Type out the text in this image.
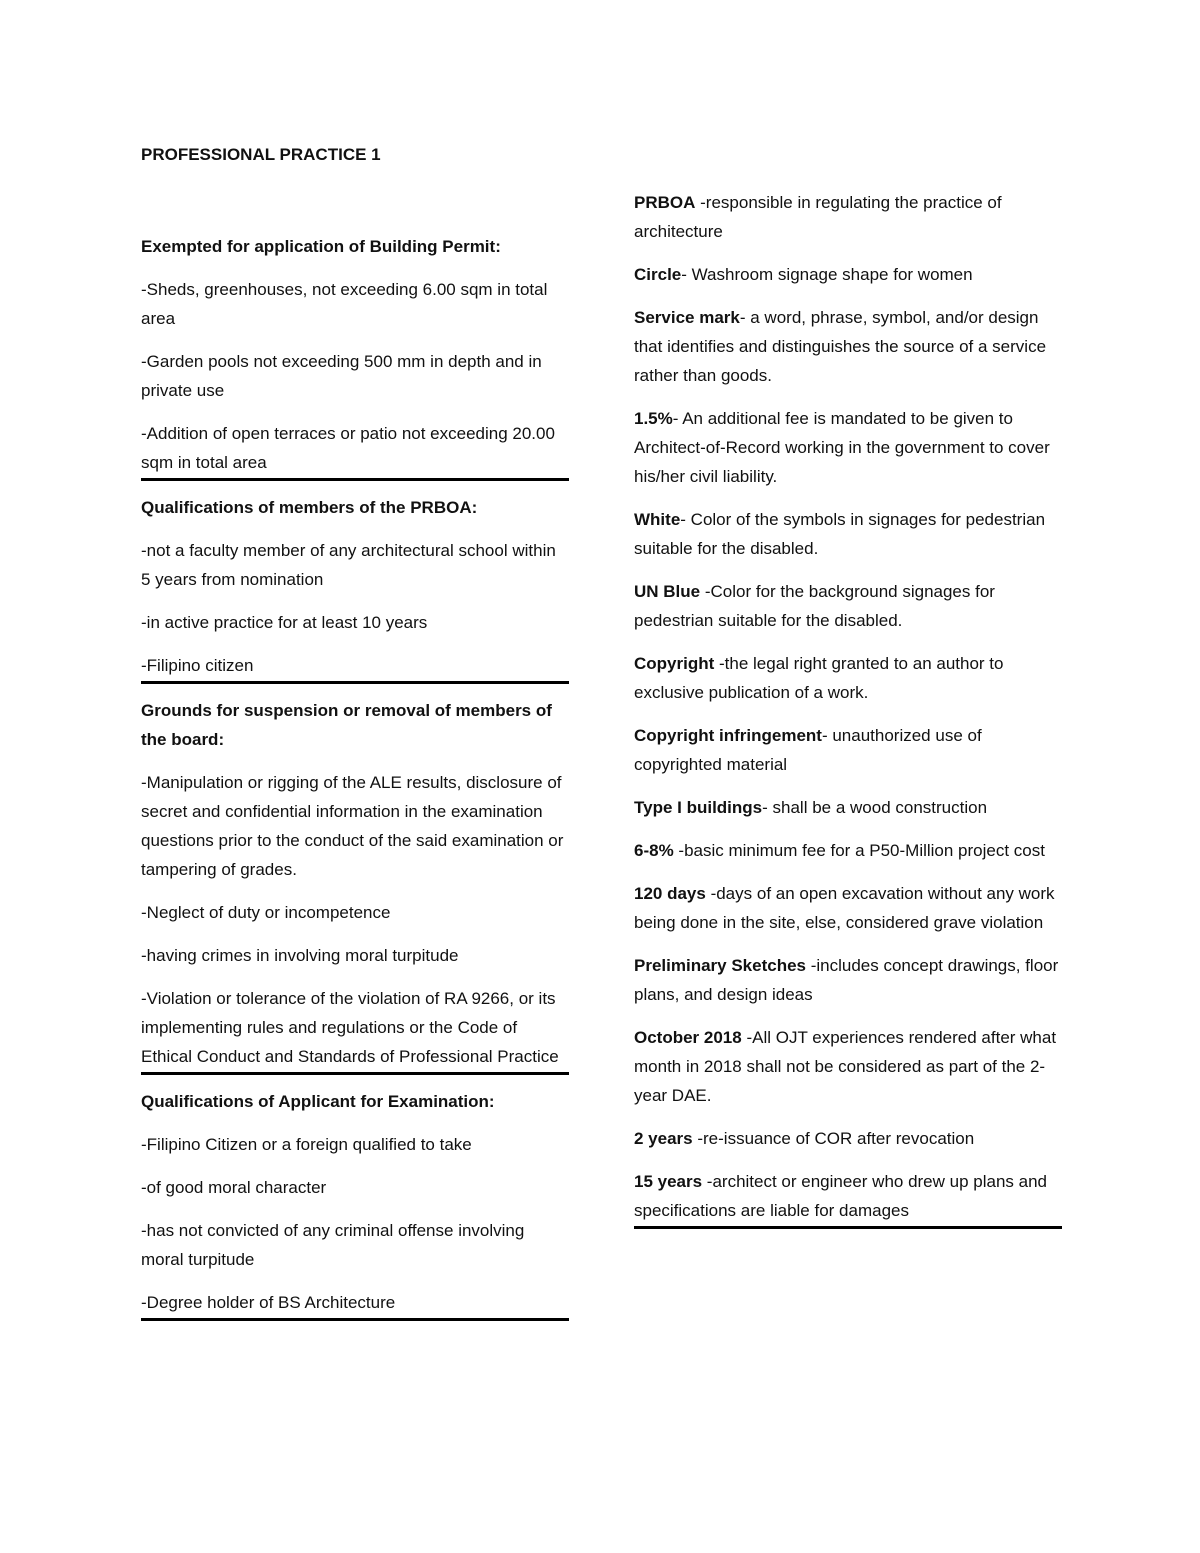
PROFESSIONAL PRACTICE 1

Exempted for application of Building Permit:

-Sheds, greenhouses, not exceeding 6.00 sqm in total area

-Garden pools not exceeding 500 mm in depth and in private use

-Addition of open terraces or patio not exceeding 20.00 sqm in total area

Qualifications of members of the PRBOA:

-not a faculty member of any architectural school within 5 years from nomination

-in active practice for at least 10 years

-Filipino citizen

Grounds for suspension or removal of members of the board:

-Manipulation or rigging of the ALE results, disclosure of secret and confidential information in the examination questions prior to the conduct of the said examination or tampering of grades.

-Neglect of duty or incompetence

-having crimes in involving moral turpitude

-Violation or tolerance of the violation of RA 9266, or its implementing rules and regulations or the Code of Ethical Conduct and Standards of Professional Practice

Qualifications of Applicant for Examination:

-Filipino Citizen or a foreign qualified to take

-of good moral character

-has not convicted of any criminal offense involving moral turpitude

-Degree holder of BS Architecture

PRBOA -responsible in regulating the practice of architecture

Circle- Washroom signage shape for women

Service mark- a word, phrase, symbol, and/or design that identifies and distinguishes the source of a service rather than goods.

1.5%- An additional fee is mandated to be given to Architect-of-Record working in the government to cover his/her civil liability.

White- Color of the symbols in signages for pedestrian suitable for the disabled.

UN Blue -Color for the background signages for pedestrian suitable for the disabled.

Copyright -the legal right granted to an author to exclusive publication of a work.

Copyright infringement- unauthorized use of copyrighted material

Type I buildings- shall be a wood construction

6-8% -basic minimum fee for a P50-Million project cost

120 days -days of an open excavation without any work being done in the site, else, considered grave violation

Preliminary Sketches -includes concept drawings, floor plans, and design ideas

October 2018 -All OJT experiences rendered after what month in 2018 shall not be considered as part of the 2-year DAE.

2 years -re-issuance of COR after revocation

15 years -architect or engineer who drew up plans and specifications are liable for damages
